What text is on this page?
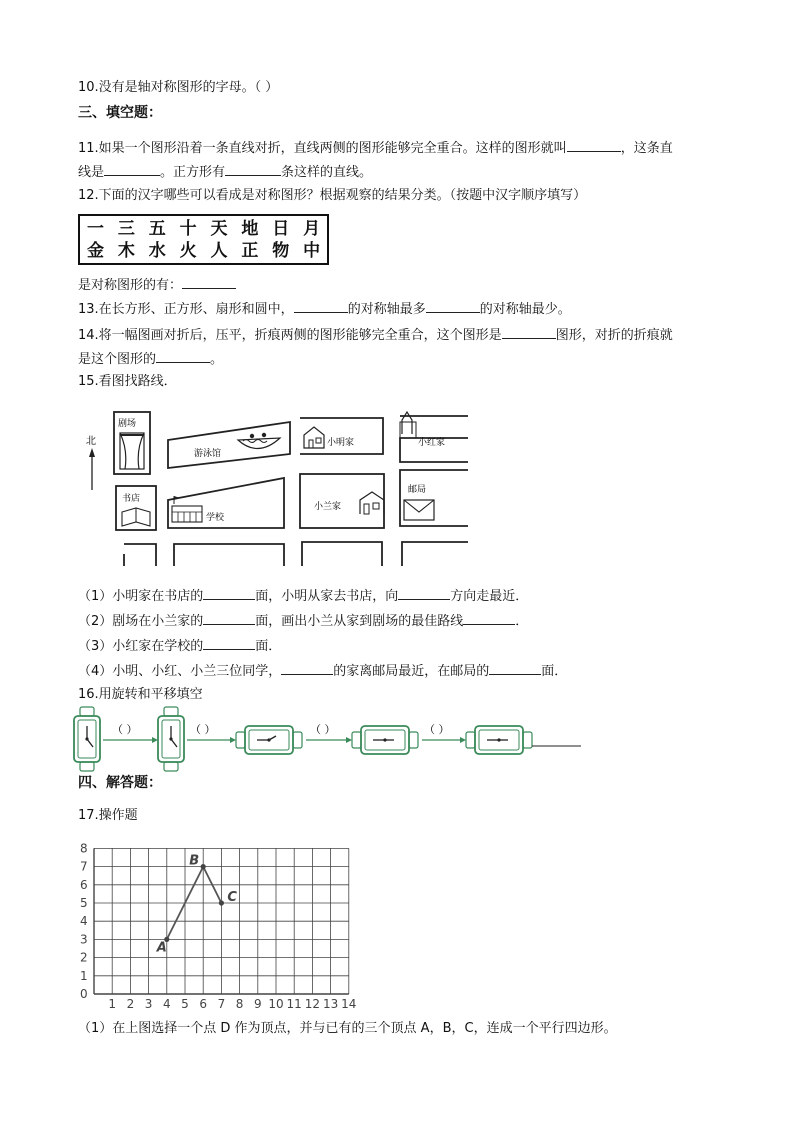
10.没有是轴对称图形的字母。（ ）
三、填空题：
11.如果一个图形沿着一条直线对折，直线两侧的图形能够完全重合。这样的图形就叫	，这条直
线是	。正方形有	条这样的直线。
12.下面的汉字哪些可以看成是对称图形？根据观察的结果分类。（按题中汉字顺序填写）
一 三 五 十 天 地 日 月
金 木 水 火 人 正 物 中
是对称图形的有：
13.在长方形、正方形、扇形和圆中，	的对称轴最多	的对称轴最少。
14.将一幅图画对折后，压平，折痕两侧的图形能够完全重合，这个图形是	图形，对折的折痕就
是这个图形的	。
15.看图找路线．
北
剧场
游泳馆
小明家	小红家
书店
学校
小兰家
邮局
（1）小明家在书店的	面，小明从家去书店，向	方向走最近．
（2）剧场在小兰家的	面，画出小兰从家到剧场的最佳路线	．
（3）小红家在学校的	面．
（4）小明、小红、小兰三位同学，	的家离邮局最近，在邮局的	面．
16.用旋转和平移填空
（ ）	（ ）	（ ）	（ ）
四、解答题：
17.操作题
0
1
2
3
4
5
6
7
8
1 2 3 4 5 6 7 8 9 10 11 12 13 14
A
B
C
（1）在上图选择一个点 D 作为顶点，并与已有的三个顶点 A，B，C，连成一个平行四边形。
